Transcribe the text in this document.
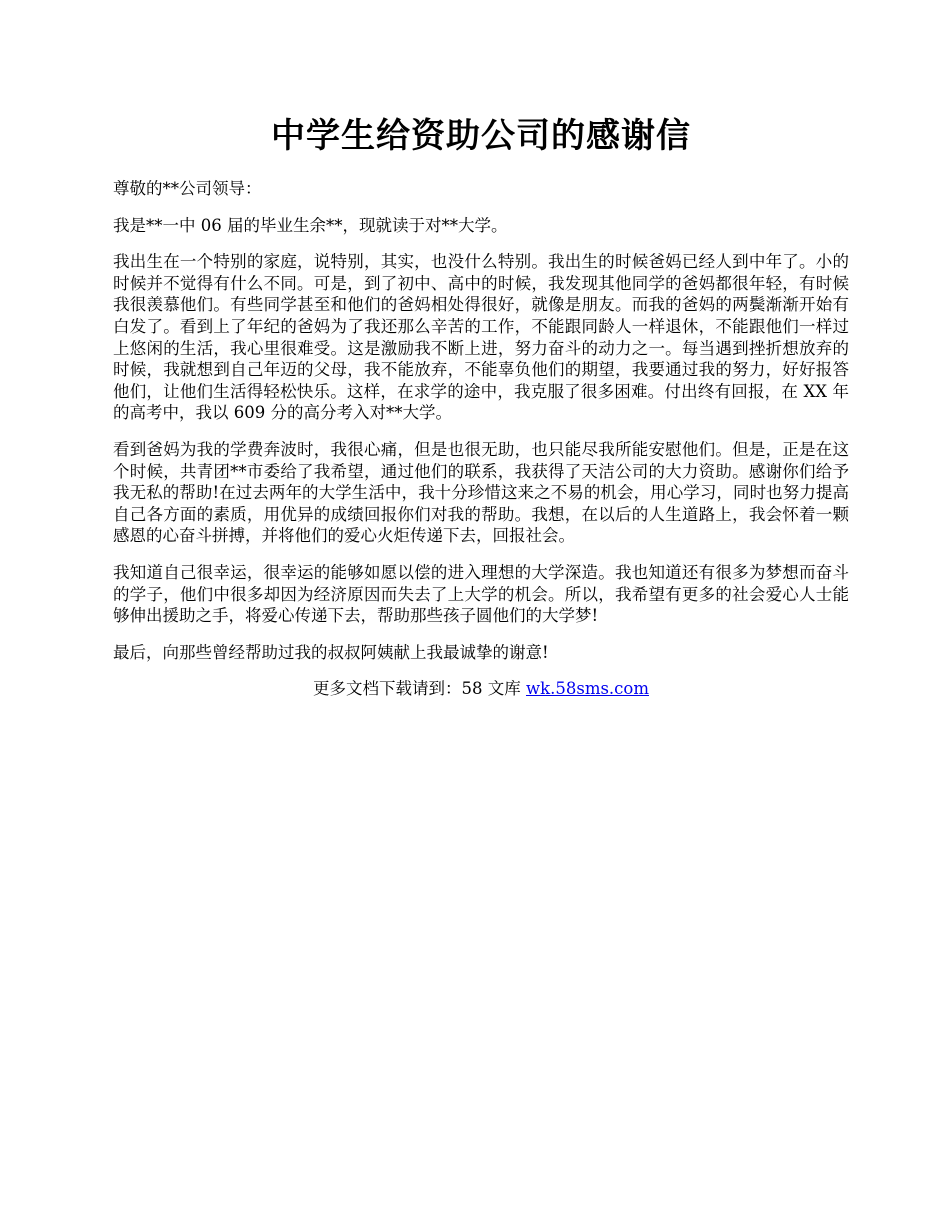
中学生给资助公司的感谢信

尊敬的**公司领导：

我是**一中 06 届的毕业生余**，现就读于对**大学。

我出生在一个特别的家庭，说特别，其实，也没什么特别。我出生的时候爸妈已经人到中年了。小的时候并不觉得有什么不同。可是，到了初中、高中的时候，我发现其他同学的爸妈都很年轻，有时候我很羡慕他们。有些同学甚至和他们的爸妈相处得很好，就像是朋友。而我的爸妈的两鬓渐渐开始有白发了。看到上了年纪的爸妈为了我还那么辛苦的工作，不能跟同龄人一样退休，不能跟他们一样过上悠闲的生活，我心里很难受。这是激励我不断上进，努力奋斗的动力之一。每当遇到挫折想放弃的时候，我就想到自己年迈的父母，我不能放弃，不能辜负他们的期望，我要通过我的努力，好好报答他们，让他们生活得轻松快乐。这样，在求学的途中，我克服了很多困难。付出终有回报，在 XX 年的高考中，我以 609 分的高分考入对**大学。

看到爸妈为我的学费奔波时，我很心痛，但是也很无助，也只能尽我所能安慰他们。但是，正是在这个时候，共青团**市委给了我希望，通过他们的联系，我获得了天洁公司的大力资助。感谢你们给予我无私的帮助!在过去两年的大学生活中，我十分珍惜这来之不易的机会，用心学习，同时也努力提高自己各方面的素质，用优异的成绩回报你们对我的帮助。我想，在以后的人生道路上，我会怀着一颗感恩的心奋斗拼搏，并将他们的爱心火炬传递下去，回报社会。

我知道自己很幸运，很幸运的能够如愿以偿的进入理想的大学深造。我也知道还有很多为梦想而奋斗的学子，他们中很多却因为经济原因而失去了上大学的机会。所以，我希望有更多的社会爱心人士能够伸出援助之手，将爱心传递下去，帮助那些孩子圆他们的大学梦!

最后，向那些曾经帮助过我的叔叔阿姨献上我最诚挚的谢意!

更多文档下载请到：58 文库 wk.58sms.com
